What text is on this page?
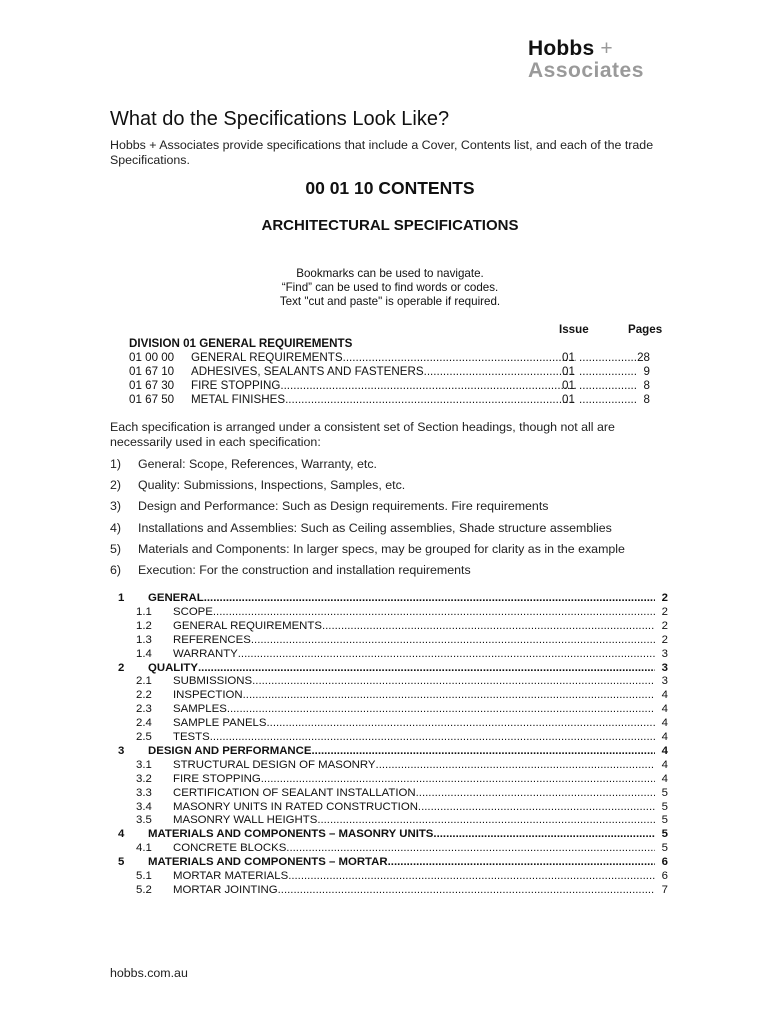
Hobbs +
Associates
What do the Specifications Look Like?

Hobbs + Associates provide specifications that include a Cover, Contents list, and each of the trade Specifications.

00 01 10 CONTENTS
ARCHITECTURAL SPECIFICATIONS
Bookmarks can be used to navigate.
“Find” can be used to find words or codes.
Text "cut and paste" is operable if required.
Issue	Pages
DIVISION 01 GENERAL REQUIREMENTS
01 00 00 GENERAL REQUIREMENTS .....	01 .....	28
01 67 10 ADHESIVES, SEALANTS AND FASTENERS .....	01 .....	9
01 67 30 FIRE STOPPING .....	01 .....	8
01 67 50 METAL FINISHES .....	01 .....	8

Each specification is arranged under a consistent set of Section headings, though not all are necessarily used in each specification:

1) General: Scope, References, Warranty, etc.
2) Quality: Submissions, Inspections, Samples, etc.
3) Design and Performance: Such as Design requirements. Fire requirements
4) Installations and Assemblies: Such as Ceiling assemblies, Shade structure assemblies
5) Materials and Components: In larger specs, may be grouped for clarity as in the example
6) Execution: For the construction and installation requirements
1 GENERAL .....	2
1.1 SCOPE .....	2
1.2 GENERAL REQUIREMENTS .....	2
1.3 REFERENCES .....	2
1.4 WARRANTY .....	3
2 QUALITY .....	3
2.1 SUBMISSIONS .....	3
2.2 INSPECTION .....	4
2.3 SAMPLES .....	4
2.4 SAMPLE PANELS .....	4
2.5 TESTS .....	4
3 DESIGN AND PERFORMANCE .....	4
3.1 STRUCTURAL DESIGN OF MASONRY .....	4
3.2 FIRE STOPPING .....	4
3.3 CERTIFICATION OF SEALANT INSTALLATION .....	5
3.4 MASONRY UNITS IN RATED CONSTRUCTION .....	5
3.5 MASONRY WALL HEIGHTS .....	5
4 MATERIALS AND COMPONENTS – MASONRY UNITS .....	5
4.1 CONCRETE BLOCKS .....	5
5 MATERIALS AND COMPONENTS – MORTAR .....	6
5.1 MORTAR MATERIALS .....	6
5.2 MORTAR JOINTING .....	7
hobbs.com.au
